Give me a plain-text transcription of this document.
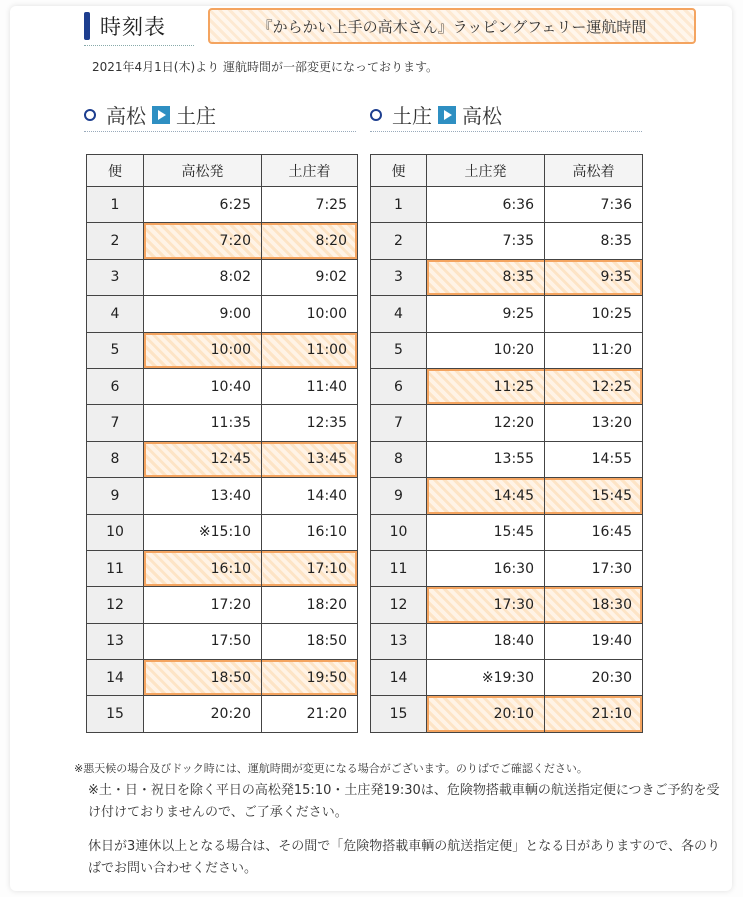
時刻表	『からかい上手の高木さん』ラッピングフェリー運航時間
2021年4月1日(木)より 運航時間が一部変更になっております。
高松 土庄	土庄 高松
便	高松発	土庄着
1	6:25	7:25
2	7:20	8:20
3	8:02	9:02
4	9:00	10:00
5	10:00	11:00
6	10:40	11:40
7	11:35	12:35
8	12:45	13:45
9	13:40	14:40
10	※15:10	16:10
11	16:10	17:10
12	17:20	18:20
13	17:50	18:50
14	18:50	19:50
15	20:20	21:20
便	土庄発	高松着
1	6:36	7:36
2	7:35	8:35
3	8:35	9:35
4	9:25	10:25
5	10:20	11:20
6	11:25	12:25
7	12:20	13:20
8	13:55	14:55
9	14:45	15:45
10	15:45	16:45
11	16:30	17:30
12	17:30	18:30
13	18:40	19:40
14	※19:30	20:30
15	20:10	21:10
※悪天候の場合及びドック時には、運航時間が変更になる場合がございます。のりばでご確認ください。
※土・日・祝日を除く平日の高松発15:10・土庄発19:30は、危険物搭載車輌の航送指定便につきご予約を受け付けておりませんので、ご了承ください。
休日が3連休以上となる場合は、その間で「危険物搭載車輌の航送指定便」となる日がありますので、各のりばでお問い合わせください。
